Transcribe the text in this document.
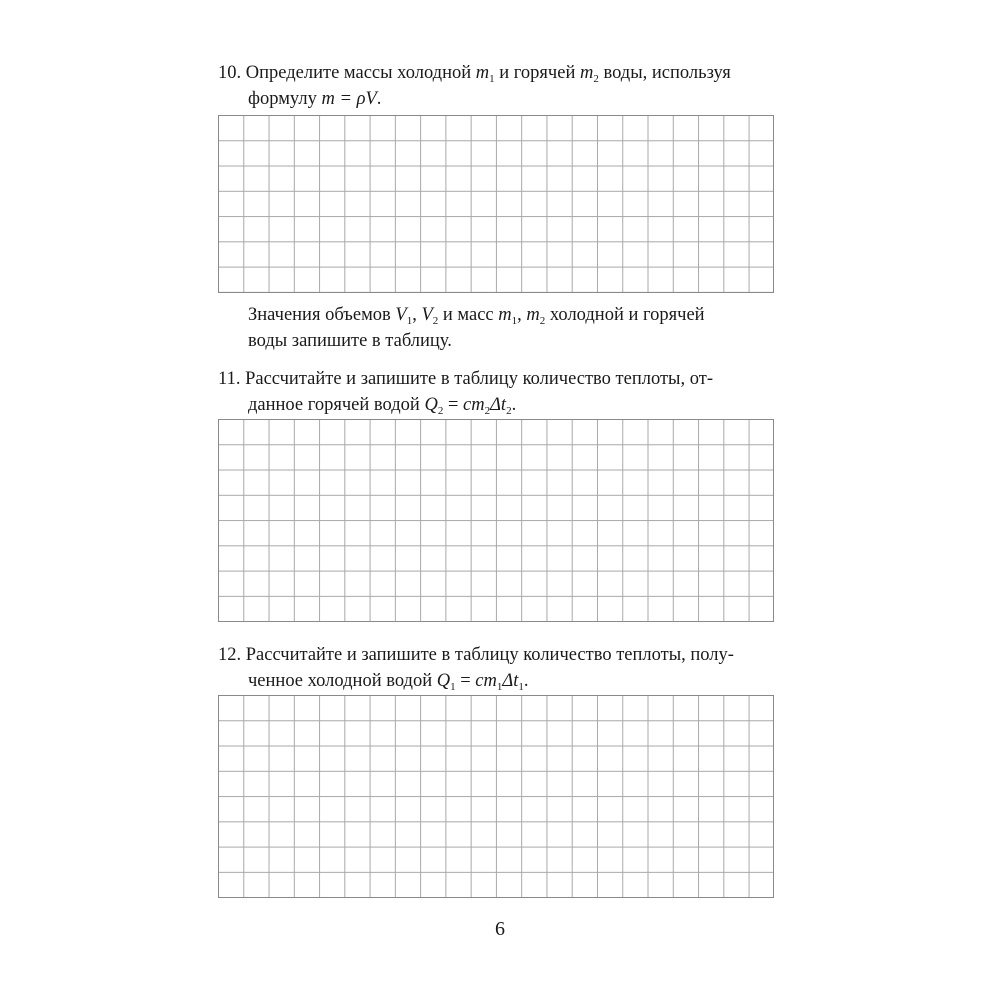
10. Определите массы холодной $m_1$ и горячей $m_2$ воды, используя
формулу m = ρV.
Значения объемов $V_1$, $V_2$ и масс $m_1$, $m_2$ холодной и горячей
воды запишите в таблицу.
11. Рассчитайте и запишите в таблицу количество теплоты, от-
данное горячей водой $Q_2 = cm_2\Delta t_2$.
12. Рассчитайте и запишите в таблицу количество теплоты, полу-
ченное холодной водой $Q_1 = cm_1\Delta t_1$.
6
